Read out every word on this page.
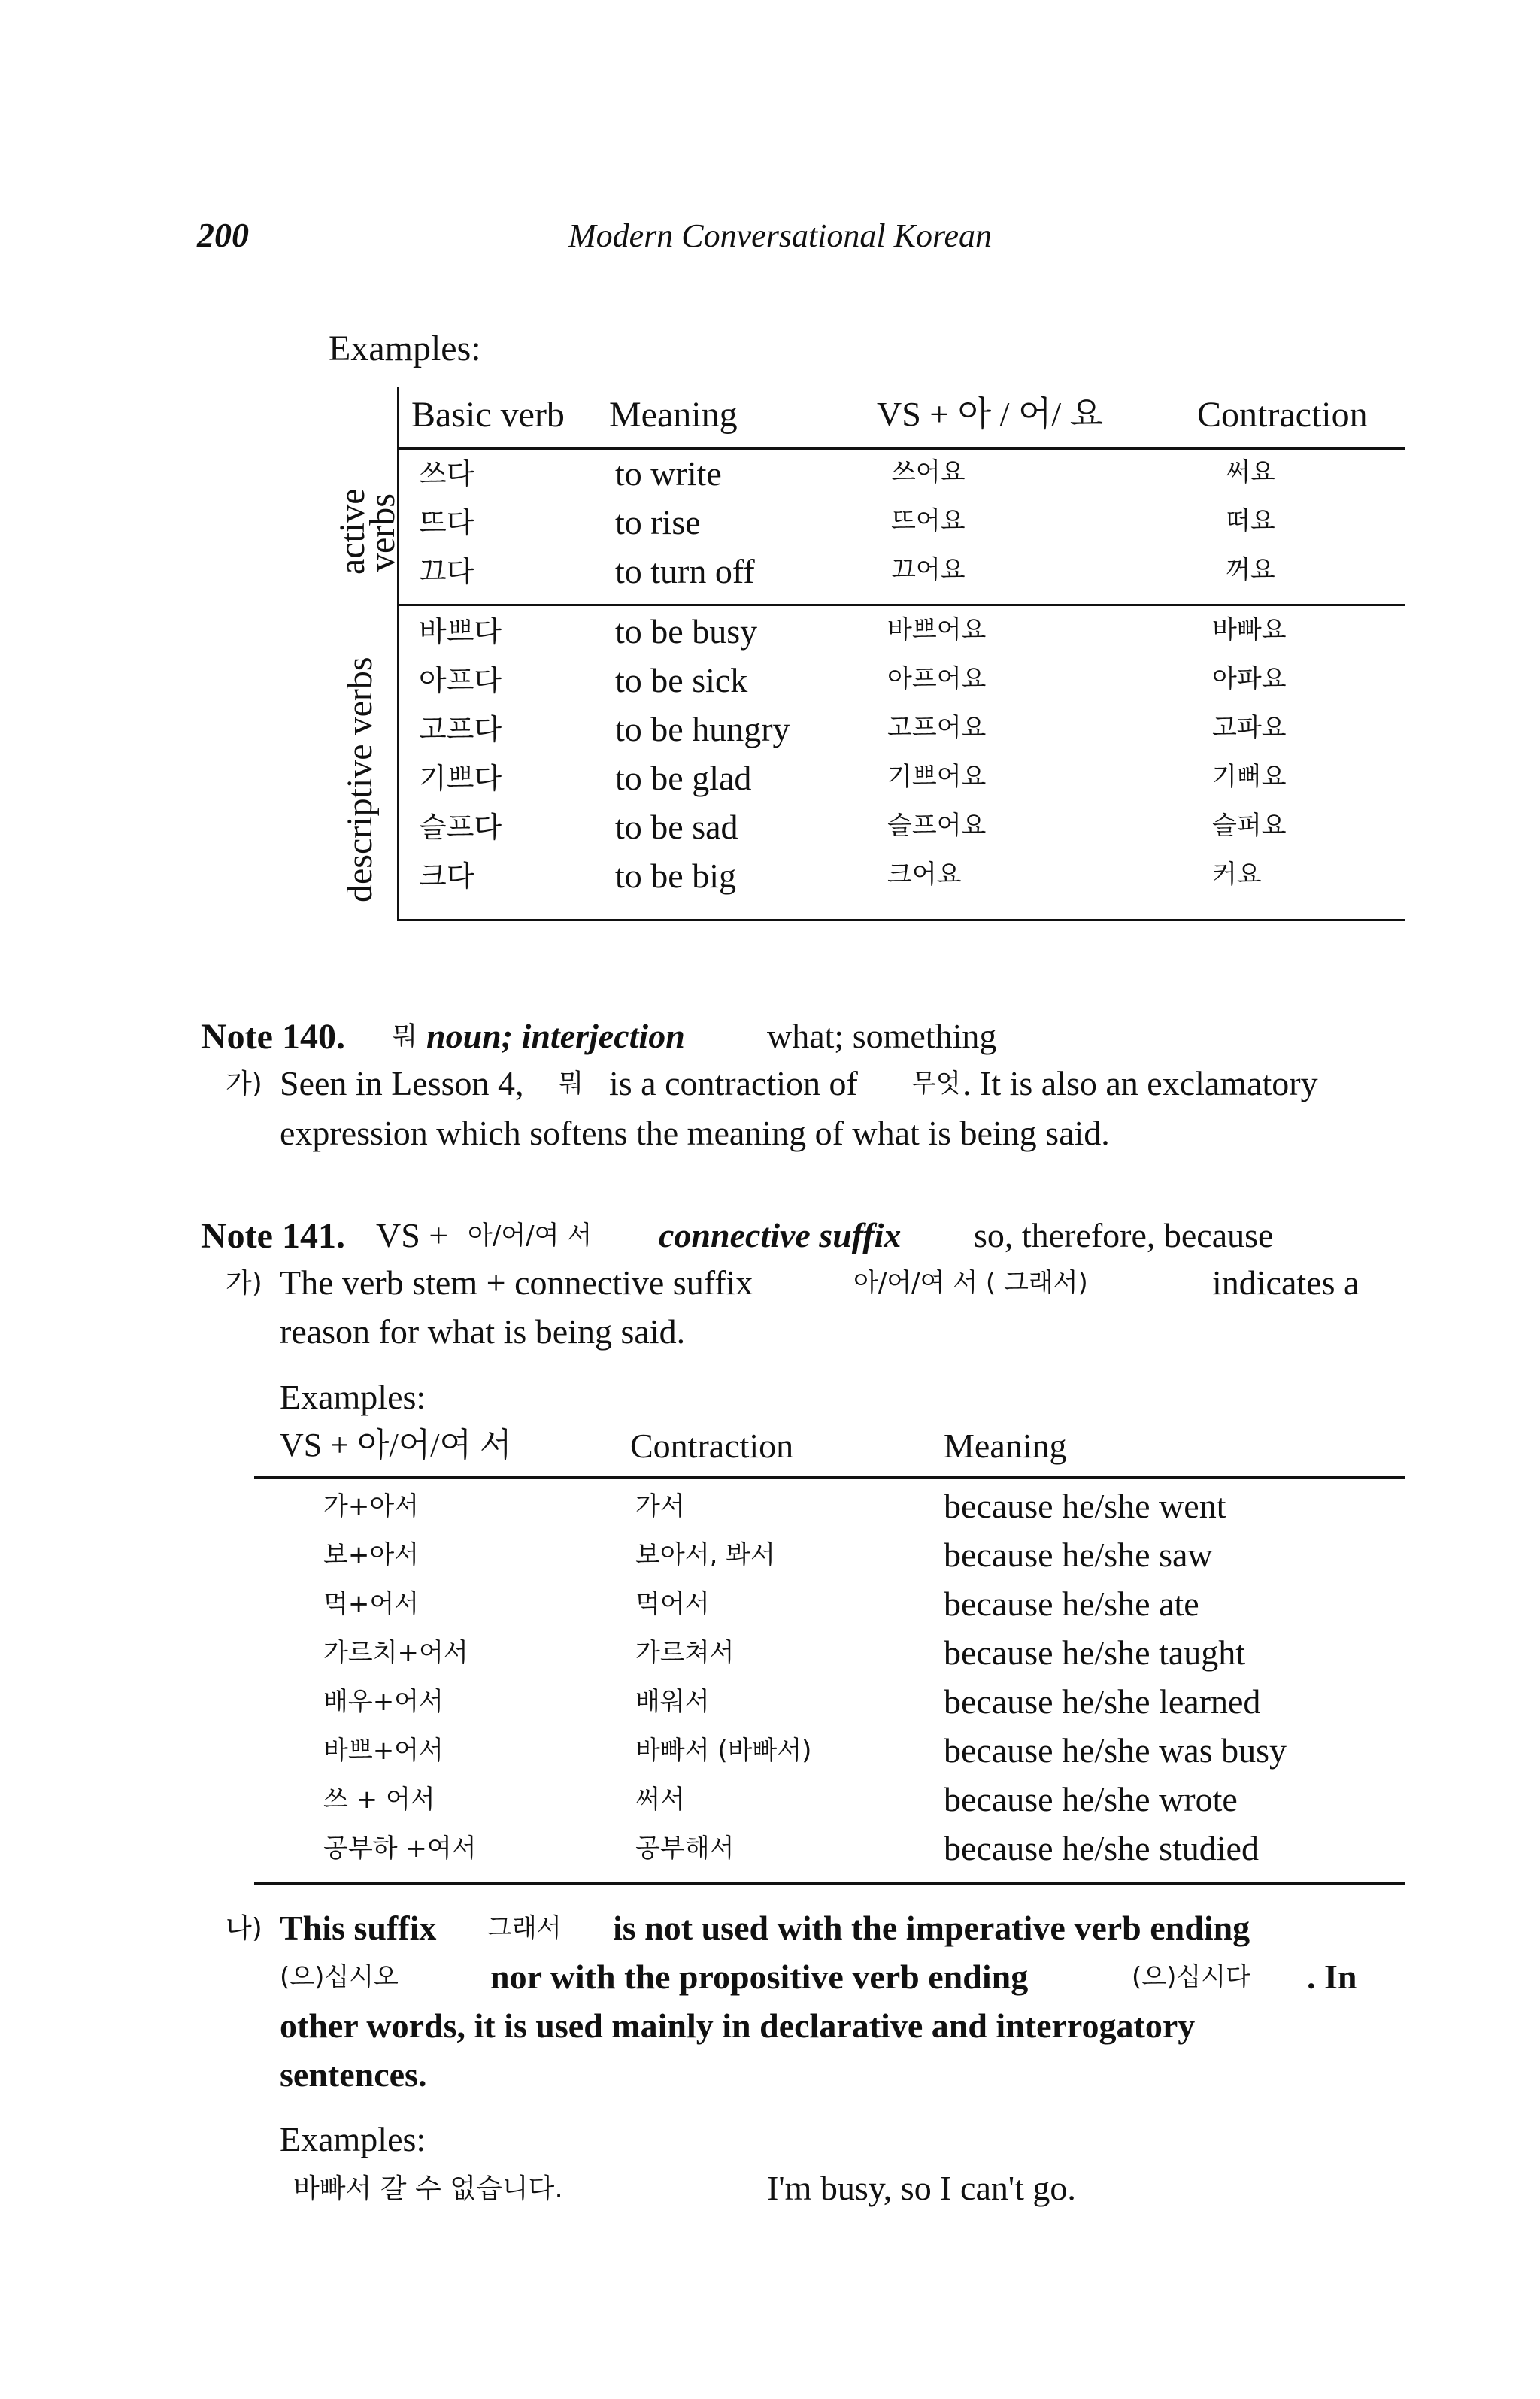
200	Modern Conversational Korean
Examples:
Basic verb Meaning	VS + 아 / 어/ 요	Contraction
active
verbs
descriptive verbs
쓰다	to write	쓰어요	써요
뜨다	to rise	뜨어요	떠요
끄다	to turn off	끄어요	꺼요
바쁘다	to be busy	바쁘어요	바빠요
아프다	to be sick	아프어요	아파요
고프다	to be hungry	고프어요	고파요
기쁘다	to be glad	기쁘어요	기뻐요
슬프다	to be sad	슬프어요	슬퍼요
크다	to be big	크어요	커요
Note 140. 뭐 noun; interjection what; something
가) Seen in Lesson 4, 뭐 is a contraction of 무엇 . It is also an exclamatory
expression which softens the meaning of what is being said.
Note 141. VS + 아/어/여 서 connective suffix so, therefore, because
가) The verb stem + connective suffix	아/어/여 서 ( 그래서)	indicates a
reason for what is being said.
Examples:
VS + 아/어/여 서	Contraction	Meaning
가+아서	가서	because he/she went
보+아서	보아서, 봐서	because he/she saw
먹+어서	먹어서	because he/she ate
가르치+어서	가르쳐서	because he/she taught
배우+어서	배워서	because he/she learned
바쁘+어서	바빠서 (바빠서)	because he/she was busy
쓰 + 어서	써서	because he/she wrote
공부하 +여서	공부해서	because he/she studied
나) This suffix 그래서 is not used with the imperative verb ending
(으)십시오	nor with the propositive verb ending	(으)십시다 . In
other words, it is used mainly in declarative and interrogatory
sentences.
Examples:
바빠서 갈 수 없습니다.	I'm busy, so I can't go.
